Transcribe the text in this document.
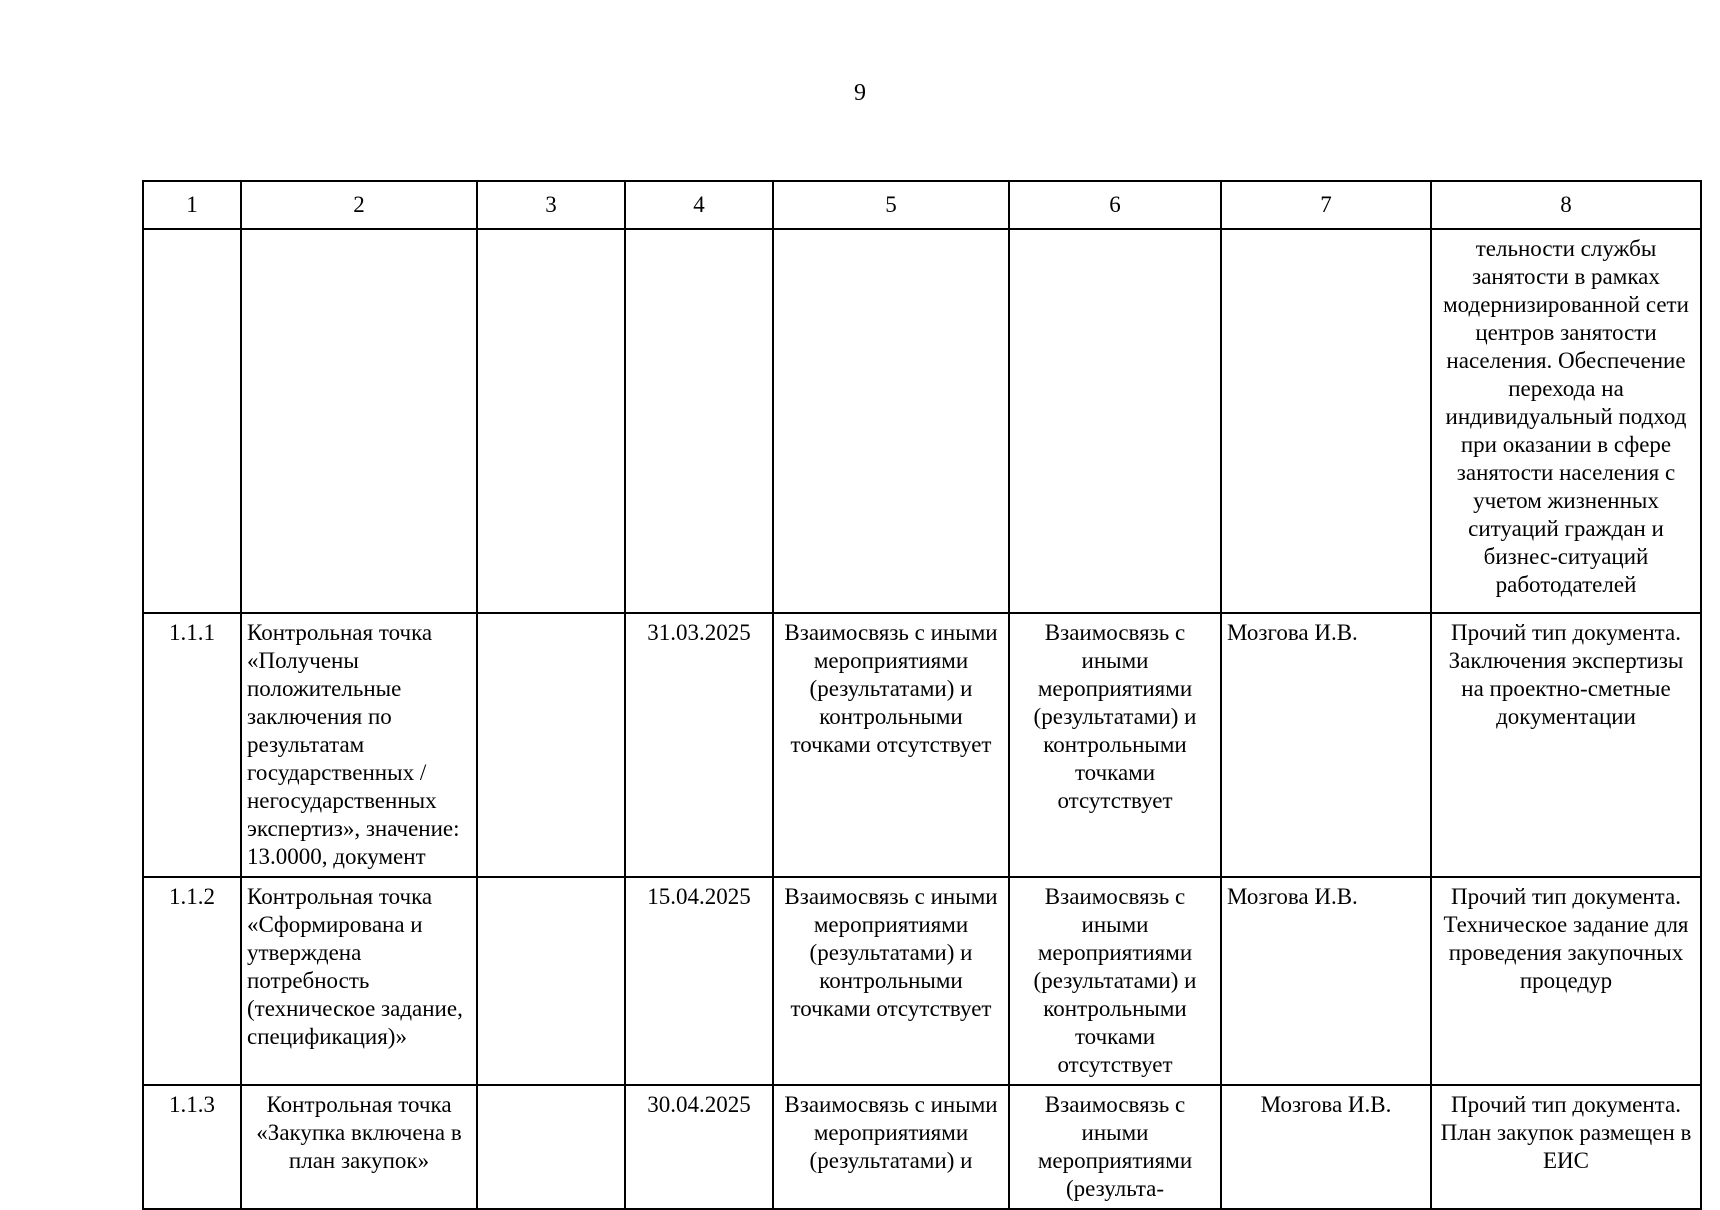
9
1	2	3	4	5	6	7	8
							тельности службы занятости в рамках модернизированной сети центров занятости населения. Обеспечение перехода на индивидуальный подход при оказании в сфере занятости населения с учетом жизненных ситуаций граждан и бизнес-ситуаций работодателей
1.1.1	Контрольная точка «Получены положительные заключения по результатам государственных / негосударственных экспертиз», значение: 13.0000, документ		31.03.2025	Взаимосвязь с иными мероприятиями (результатами) и контрольными точками отсутствует	Взаимосвязь с иными мероприятиями (результатами) и контрольными точками отсутствует	Мозгова И.В.	Прочий тип документа. Заключения экспертизы на проектно-сметные документации
1.1.2	Контрольная точка «Сформирована и утверждена потребность (техническое задание, спецификация)»		15.04.2025	Взаимосвязь с иными мероприятиями (результатами) и контрольными точками отсутствует	Взаимосвязь с иными мероприятиями (результатами) и контрольными точками отсутствует	Мозгова И.В.	Прочий тип документа. Техническое задание для проведения закупочных процедур
1.1.3	Контрольная точка «Закупка включена в план закупок»		30.04.2025	Взаимосвязь с иными мероприятиями (результатами) и	Взаимосвязь с иными мероприятиями (результа-	Мозгова И.В.	Прочий тип документа. План закупок размещен в ЕИС
